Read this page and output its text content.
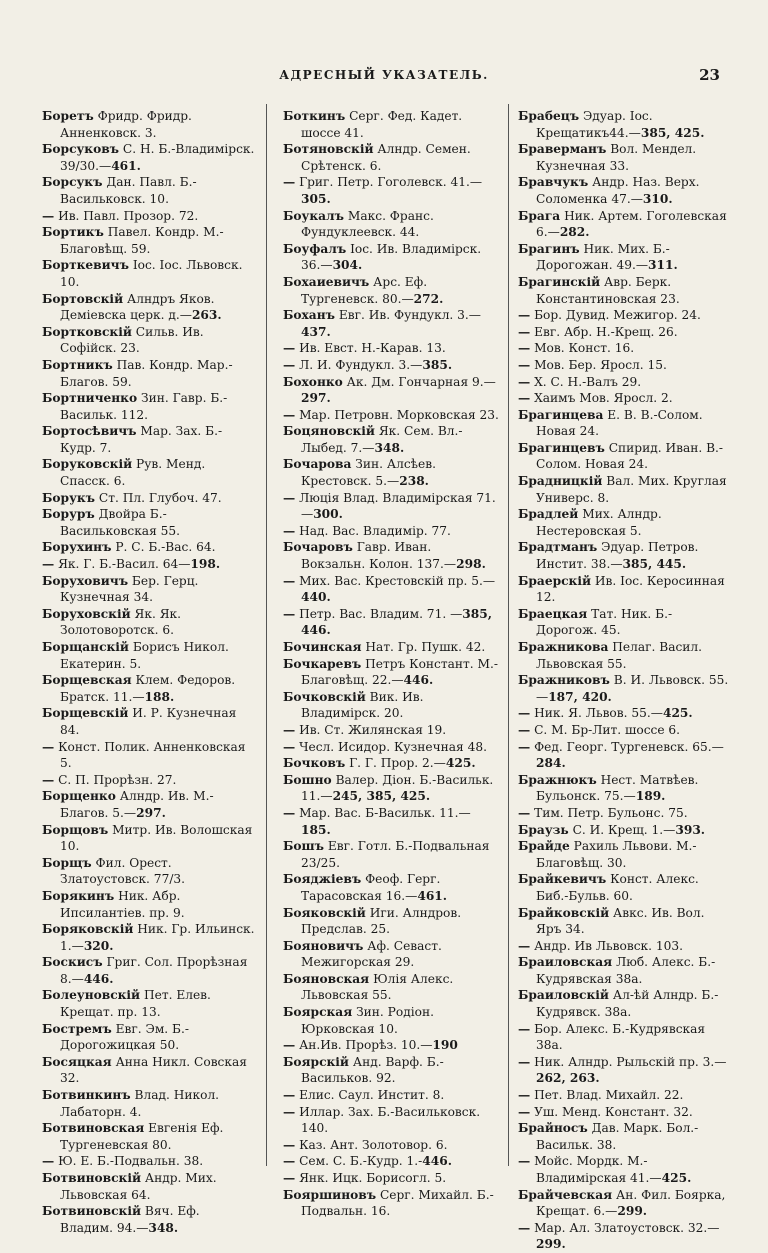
АДРЕСНЫЙ УКАЗАТЕЛЬ.	23

Боретъ Фридр. Фридр. Анненковск. 3.

Борсуковъ С. Н. Б.-Владимірск. 39/30.—461.

Борсукъ Дан. Павл. Б.-Васильковск. 10.

— Ив. Павл. Прозор. 72.

Бортикъ Павел. Кондр. М.-Благовѣщ. 59.

Борткевичъ Іос. Іос. Львовск. 10.

Бортовскій Алндръ Яков. Деміевска церк. д.—263.

Бортковскій Сильв. Ив. Софійск. 23.

Бортникъ Пав. Кондр. Мар.-Благов. 59.

Бортниченко Зин. Гавр. Б.-Васильк. 112.

Бортосѣвичъ Мар. Зах. Б.-Кудр. 7.

Боруковскій Рув. Менд. Спасск. 6.

Борукъ Ст. Пл. Глубоч. 47.

Боруръ Двойра Б.-Васильковская 55.

Борухинъ Р. С. Б.-Вас. 64.

— Як. Г. Б.-Васил. 64—198.

Боруховичъ Бер. Герц. Кузнечная 34.

Боруховскій Як. Як. Золотоворотск. 6.

Борщанскій Борисъ Никол. Екатерин. 5.

Борщевская Клем. Федоров. Братск. 11.—188.

Борщевскій И. Р. Кузнечная 84.

— Конст. Полик. Анненковская 5.

— С. П. Прорѣзн. 27.

Борщенко Алндр. Ив. М.-Благов. 5.—297.

Борщовъ Митр. Ив. Волошская 10.

Борщъ Фил. Орест. Златоустовск. 77/3.

Борякинъ Ник. Абр. Ипсилантіев. пр. 9.

Боряковскій Ник. Гр. Ильинск. 1.—320.

Боскисъ Григ. Сол. Прорѣзная 8.—446.

Болеуновскій Пет. Елев. Крещат. пр. 13.

Бостремъ Евг. Эм. Б.-Дорогожицкая 50.

Босяцкая Анна Никл. Совская 32.

Ботвинкинъ Влад. Никол. Лабаторн. 4.

Ботвиновская Евгенія Еф. Тургеневская 80.

— Ю. Е. Б.-Подвальн. 38.

Ботвиновскій Андр. Мих. Львовская 64.

Ботвиновскій Вяч. Еф. Владим. 94.—348.

Боткинъ Серг. Фед. Кадет. шоссе 41.

Ботяновскій Алндр. Семен. Срѣтенск. 6.

— Григ. Петр. Гоголевск. 41.—305.

Боукалъ Макс. Франс. Фундуклеевск. 44.

Боуфалъ Іос. Ив. Владимірск. 36.—304.

Бохаиевичъ Арс. Еф. Тургеневск. 80.—272.

Боханъ Евг. Ив. Фундукл. 3.—437.

— Ив. Евст. Н.-Карав. 13.

— Л. И. Фундукл. 3.—385.

Бохонко Ак. Дм. Гончарная 9.—297.

— Мар. Петровн. Морковская 23.

Боцяновскій Як. Сем. Вл.-Лыбед. 7.—348.

Бочарова Зин. Алсѣев. Крестовск. 5.—238.

— Люція Влад. Владимірская 71.—300.

— Над. Вас. Владимір. 77.

Бочаровъ Гавр. Иван. Вокзальн. Колон. 137.—298.

— Мих. Вас. Крестовскій пр. 5.—440.

— Петр. Вас. Владим. 71. —385, 446.

Бочинская Нат. Гр. Пушк. 42.

Бочкаревъ Петръ Констант. М.-Благовѣщ. 22.—446.

Бочковскій Вик. Ив. Владимірск. 20.

— Ив. Ст. Жилянская 19.

— Чесл. Исидор. Кузнечная 48.

Бочковъ Г. Г. Прор. 2.—425.

Бошно Валер. Діон. Б.-Васильк. 11.—245, 385, 425.

— Мар. Вас. Б-Васильк. 11.—185.

Бошъ Евг. Готл. Б.-Подвальная 23/25.

Бояджіевъ Феоф. Герг. Тарасовская 16.—461.

Бояковскій Иги. Алндров. Предслав. 25.

Бояновичъ Аф. Севаст. Межигорская 29.

Бояновская Юлія Алекс. Львовская 55.

Боярская Зин. Родіон. Юрковская 10.

— Ан.Ив. Прорѣз. 10.—190

Боярскій Анд. Варф. Б.-Васильков. 92.

— Елис. Саул. Инстит. 8.

— Иллар. Зах. Б.-Васильковск. 140.

— Каз. Ант. Золотовор. 6.

— Сем. С. Б.-Кудр. 1.-446.

— Янк. Ицк. Борисогл. 5.

Бояршиновъ Серг. Михайл. Б.-Подвальн. 16.

Брабецъ Эдуар. Іос. Крещатикъ44.—385, 425.

Браверманъ Вол. Мендел. Кузнечная 33.

Бравчукъ Андр. Наз. Верх. Соломенка 47.—310.

Брага Ник. Артем. Гоголевская 6.—282.

Брагинъ Ник. Мих. Б.-Дорогожан. 49.—311.

Брагинскій Авр. Берк. Константиновская 23.

— Бор. Дувид. Межигор. 24.

— Евг. Абр. Н.-Крещ. 26.

— Мов. Конст. 16.

— Мов. Бер. Яросл. 15.

— Х. С. Н.-Валъ 29.

— Хаимъ Мов. Яросл. 2.

Брагинцева Е. В. В.-Солом. Новая 24.

Брагинцевъ Спирид. Иван. В.-Солом. Новая 24.

Брадницкій Вал. Мих. Круглая Универс. 8.

Брадлей Мих. Алндр. Нестеровская 5.

Брадтманъ Эдуар. Петров. Инстит. 38.—385, 445.

Браерскій Ив. Іос. Керосинная 12.

Браецкая Тат. Ник. Б.-Дорогож. 45.

Бражникова Пелаг. Васил. Львовская 55.

Бражниковъ В. И. Львовск. 55.—187, 420.

— Ник. Я. Львов. 55.—425.

— С. М. Бр-Лит. шоссе 6.

— Фед. Георг. Тургеневск. 65.—284.

Бражнюкъ Нест. Матвѣев. Бульонск. 75.—189.

— Тим. Петр. Бульонс. 75.

Браузь С. И. Крещ. 1.—393.

Брайде Рахиль Львови. М.-Благовѣщ. 30.

Брайкевичъ Конст. Алекс. Биб.-Бульв. 60.

Брайковскій Авкс. Ив. Вол. Яръ 34.

— Андр. Ив Львовск. 103.

Браиловская Люб. Алекс. Б.-Кудрявская 38а.

Браиловскій Ал-ѣй Алндр. Б.-Кудрявск. 38а.

— Бор. Алекс. Б.-Кудрявская 38а.

— Ник. Алндр. Рыльскій пр. 3.—262, 263.

— Пет. Влад. Михайл. 22.

— Уш. Менд. Констант. 32.

Брайносъ Дав. Марк. Бол.-Васильк. 38.

— Мойс. Мордк. М.-Владимірская 41.—425.

Брайчевская Ан. Фил. Боярка, Крещат. 6.—299.

— Мар. Ал. Златоустовск. 32.—299.
